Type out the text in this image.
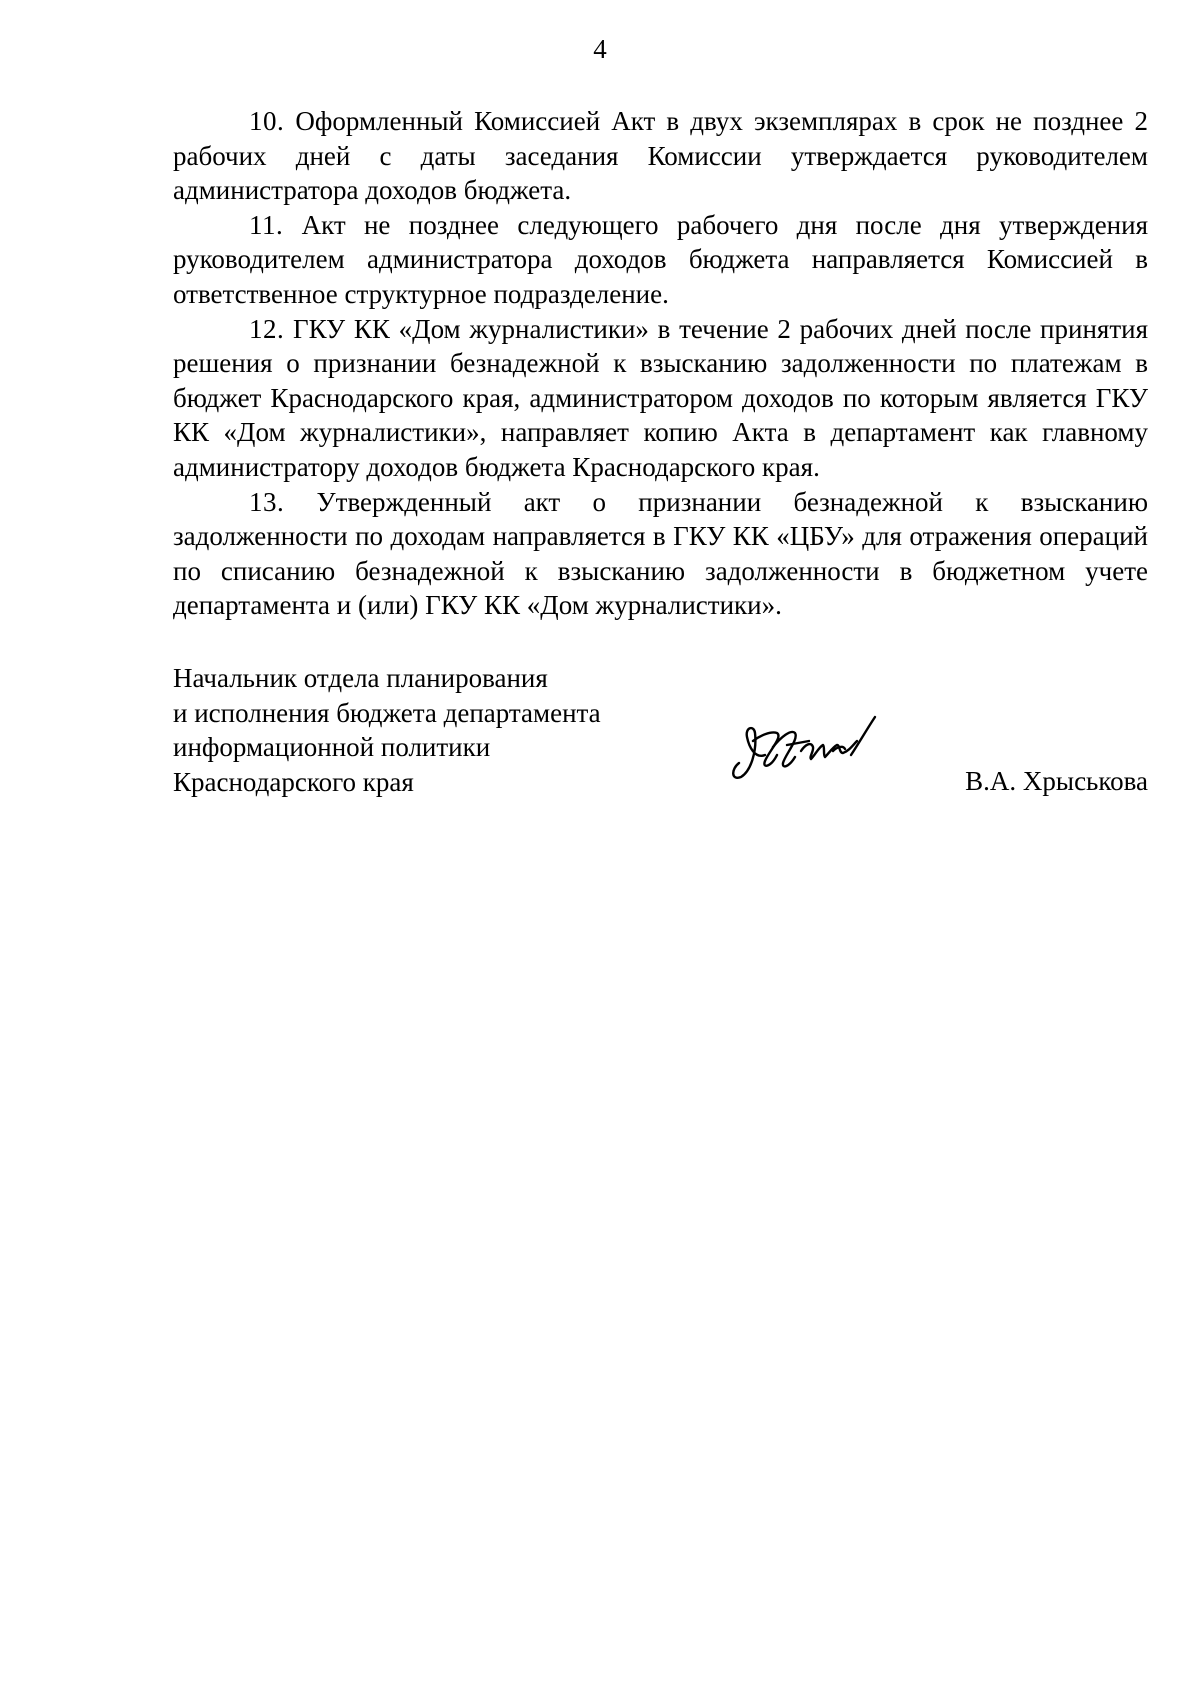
4

10. Оформленный Комиссией Акт в двух экземплярах в срок не позднее 2 рабочих дней с даты заседания Комиссии утверждается руководителем администратора доходов бюджета.

11. Акт не позднее следующего рабочего дня после дня утверждения руководителем администратора доходов бюджета направляется Комиссией в ответственное структурное подразделение.

12. ГКУ КК «Дом журналистики» в течение 2 рабочих дней после принятия решения о признании безнадежной к взысканию задолженности по платежам в бюджет Краснодарского края, администратором доходов по которым является ГКУ КК «Дом журналистики», направляет копию Акта в департамент как главному администратору доходов бюджета Краснодарского края.

13. Утвержденный акт о признании безнадежной к взысканию задолженности по доходам направляется в ГКУ КК «ЦБУ» для отражения операций по списанию безнадежной к взысканию задолженности в бюджетном учете департамента и (или) ГКУ КК «Дом журналистики».

Начальник отдела планирования
и исполнения бюджета департамента
информационной политики
Краснодарского края	В.А. Хрыськова
